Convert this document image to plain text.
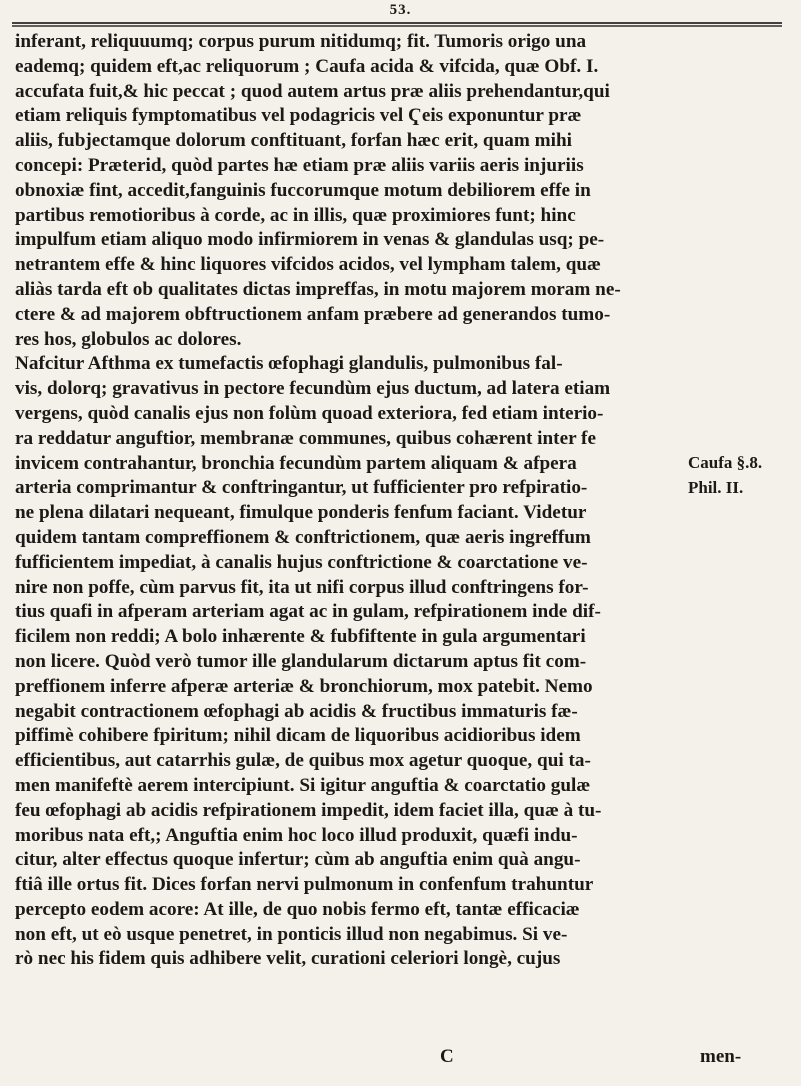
53.
inferant, reliquuumq; corpus purum nitidumq; fit. Tumoris origo una
eademq; quidem eft,ac reliquorum ; Caufa acida & vifcida, quæ Obf. I.
accufata fuit,& hic peccat ; quod autem artus præ aliis prehendantur,qui
etiam reliquis fymptomatibus vel podagricis vel Ҁeis exponuntur præ
aliis, fubjectamque dolorum conftituant, forfan hæc erit, quam mihi
concepi: Præterid, quòd partes hæ etiam præ aliis variis aeris injuriis
obnoxiæ fint, accedit,fanguinis fuccorumque motum debiliorem effe in
partibus remotioribus à corde, ac in illis, quæ proximiores funt; hinc
impulfum etiam aliquo modo infirmiorem in venas & glandulas usq; pe-
netrantem effe & hinc liquores vifcidos acidos, vel lympham talem, quæ
aliàs tarda eft ob qualitates dictas impreffas, in motu majorem moram ne-
ctere & ad majorem obftructionem anfam præbere ad generandos tumo-
res hos, globulos ac dolores.
Nafcitur Afthma ex tumefactis œfophagi glandulis, pulmonibus fal-
vis, dolorq; gravativus in pectore fecundùm ejus ductum, ad latera etiam
vergens, quòd canalis ejus non folùm quoad exteriora, fed etiam interio-
ra reddatur anguftior, membranæ communes, quibus cohærent inter fe
invicem contrahantur, bronchia fecundùm partem aliquam & afpera
arteria comprimantur & conftringantur, ut fufficienter pro refpiratio-
ne plena dilatari nequeant, fimulque ponderis fenfum faciant. Videtur
quidem tantam compreffionem & conftrictionem, quæ aeris ingreffum
fufficientem impediat, à canalis hujus conftrictione & coarctatione ve-
nire non poffe, cùm parvus fit, ita ut nifi corpus illud conftringens for-
tius quafi in afperam arteriam agat ac in gulam, refpirationem inde dif-
ficilem non reddi; A bolo inhærente & fubfiftente in gula argumentari
non licere. Quòd verò tumor ille glandularum dictarum aptus fit com-
preffionem inferre afperæ arteriæ & bronchiorum, mox patebit. Nemo
negabit contractionem œfophagi ab acidis & fructibus immaturis fæ-
piffimè cohibere fpiritum; nihil dicam de liquoribus acidioribus idem
efficientibus, aut catarrhis gulæ, de quibus mox agetur quoque, qui ta-
men manifeftè aerem intercipiunt. Si igitur anguftia & coarctatio gulæ
feu œfophagi ab acidis refpirationem impedit, idem faciet illa, quæ à tu-
moribus nata eft,; Anguftia enim hoc loco illud produxit, quæfi indu-
citur, alter effectus quoque infertur; cùm ab anguftia enim quà angu-
ftiâ ille ortus fit. Dices forfan nervi pulmonum in confenfum trahuntur
percepto eodem acore: At ille, de quo nobis fermo eft, tantæ efficaciæ
non eft, ut eò usque penetret, in ponticis illud non negabimus. Si ve-
rò nec his fidem quis adhibere velit, curationi celeriori longè, cujus
Caufa §.8.
Phil. II.
C	men-
